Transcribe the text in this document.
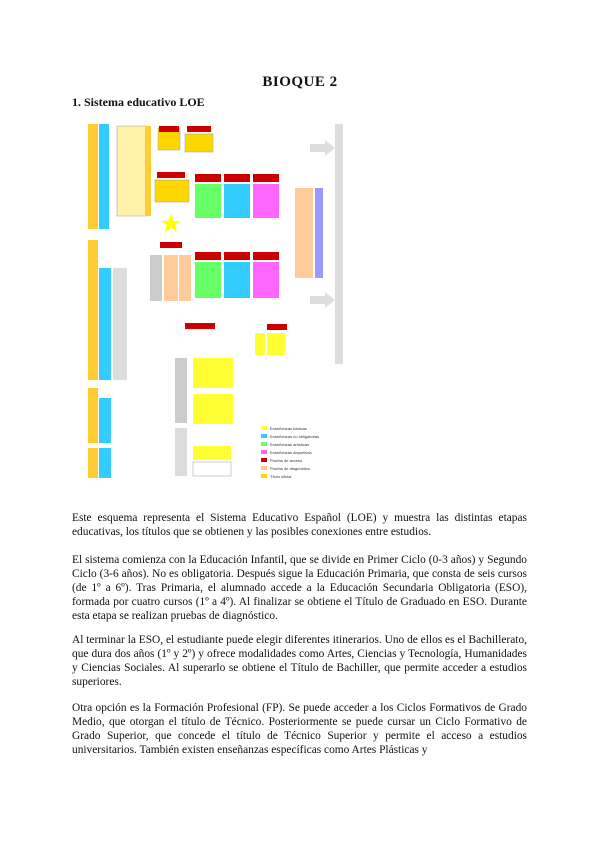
BIOQUE 2
1. Sistema educativo LOE
Enseñanzas básicas
Enseñanzas no obligatorias
Enseñanzas artísticas
Enseñanzas deportivas
Prueba de acceso
Prueba de diagnóstico
Título oficial
Este esquema representa el Sistema Educativo Español (LOE) y muestra las distintas etapas educativas, los títulos que se obtienen y las posibles conexiones entre estudios.
El sistema comienza con la Educación Infantil, que se divide en Primer Ciclo (0-3 años) y Segundo Ciclo (3-6 años). No es obligatoria. Después sigue la Educación Primaria, que consta de seis cursos (de 1º a 6º). Tras Primaria, el alumnado accede a la Educación Secundaria Obligatoria (ESO), formada por cuatro cursos (1º a 4º). Al finalizar se obtiene el Título de Graduado en ESO. Durante esta etapa se realizan pruebas de diagnóstico.
Al terminar la ESO, el estudiante puede elegir diferentes itinerarios. Uno de ellos es el Bachillerato, que dura dos años (1º y 2º) y ofrece modalidades como Artes, Ciencias y Tecnología, Humanidades y Ciencias Sociales. Al superarlo se obtiene el Título de Bachiller, que permite acceder a estudios superiores.
Otra opción es la Formación Profesional (FP). Se puede acceder a los Ciclos Formativos de Grado Medio, que otorgan el título de Técnico. Posteriormente se puede cursar un Ciclo Formativo de Grado Superior, que concede el título de Técnico Superior y permite el acceso a estudios universitarios. También existen enseñanzas específicas como Artes Plásticas y
